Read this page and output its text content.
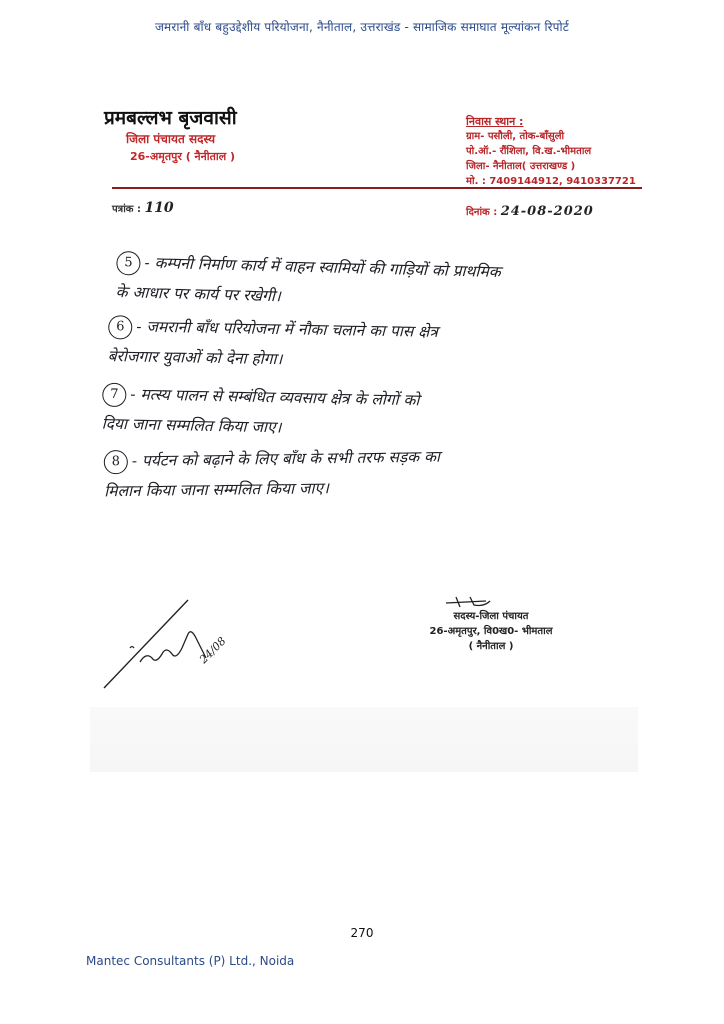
जमरानी बाँध बहुउद्देशीय परियोजना, नैनीताल, उत्तराखंड - सामाजिक समाघात मूल्यांकन रिपोर्ट
प्रमबल्लभ बृजवासी
जिला पंचायत सदस्य
26-अमृतपुर ( नैनीताल )
निवास स्थान :
ग्राम- पसौली, तोक-बाँसुली
पो.ऑ.- रौंशिला, वि.ख.-भीमताल
जिला- नैनीताल( उत्तराखण्ड )
मो. : 7409144912, 9410337721
पत्रांक : 110	दिनांक : 24-08-2020
5 - कम्पनी निर्माण कार्य में वाहन स्वामियों की गाड़ियों को प्राथमिक
के आधार पर कार्य पर रखेगी।
6 - जमरानी बाँध परियोजना में नौका चलाने का पास क्षेत्र
बेरोजगार युवाओं को देना होगा।
7 - मत्स्य पालन से सम्बंधित व्यवसाय क्षेत्र के लोगों को
दिया जाना सम्मलित किया जाए।
8 - पर्यटन को बढ़ाने के लिए बाँध के सभी तरफ सड़क का
मिलान किया जाना सम्मलित किया जाए।
24/08
सदस्य-जिला पंचायत
26-अमृतपुर, वि0ख0- भीमताल
( नैनीताल )
270
Mantec Consultants (P) Ltd., Noida
